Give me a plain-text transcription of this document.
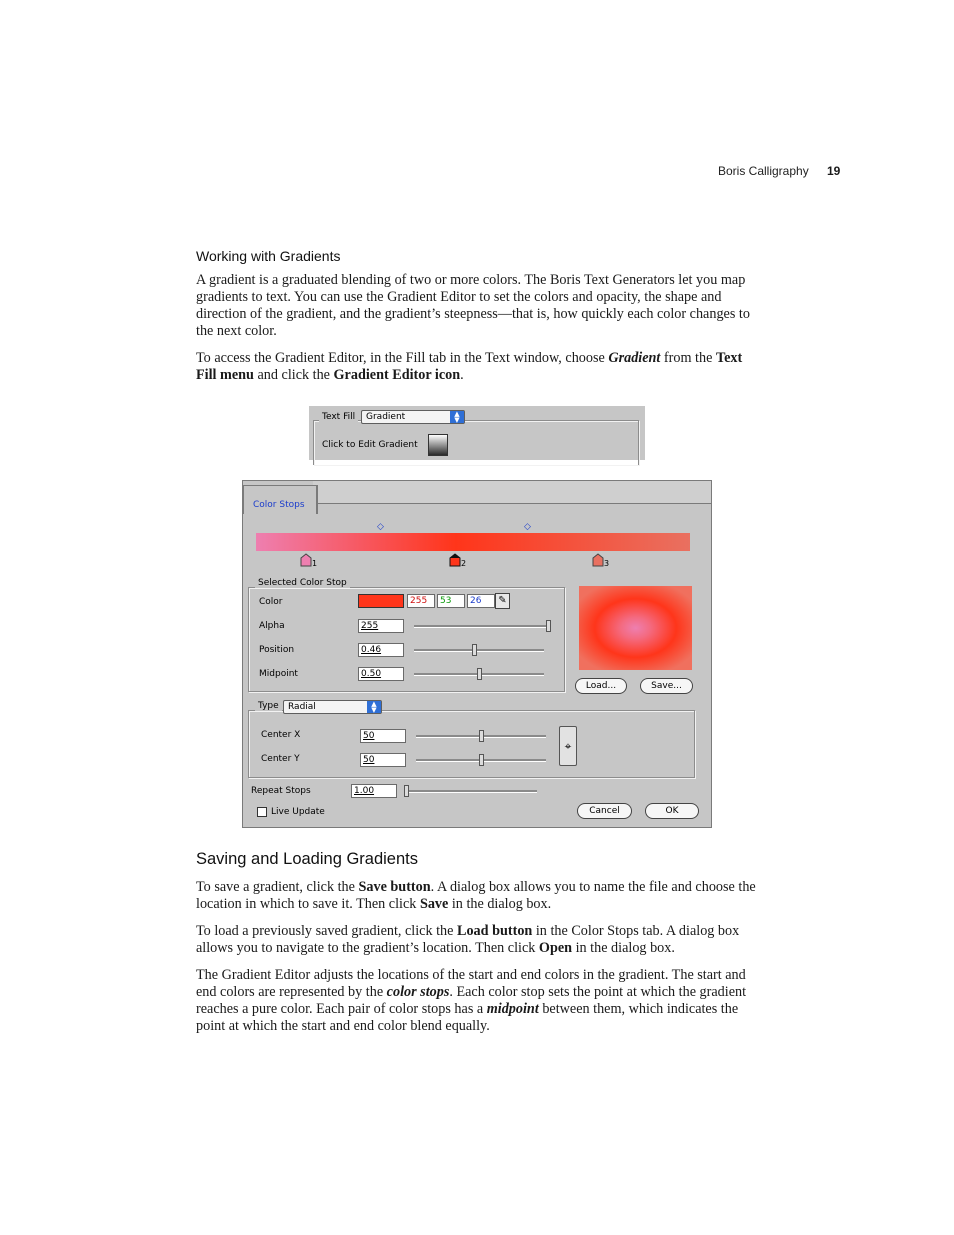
Boris Calligraphy 19
Working with Gradients
A gradient is a graduated blending of two or more colors. The Boris Text Generators let you map gradients to text. You can use the Gradient Editor to set the colors and opacity, the shape and direction of the gradient, and the gradient’s steepness—that is, how quickly each color changes to the next color.
To access the Gradient Editor, in the Fill tab in the Text window, choose Gradient from the Text Fill menu and click the Gradient Editor icon.
Text Fill	Gradient	▲
▼
Click to Edit Gradient
Color Stops
◇	◇
1	2	3
Selected Color Stop
Color	255	53	26	✎
Alpha	255
Position	0.46
Midpoint	0.50
Load...	Save...
Type	Radial	▲
▼
Center X	50
Center Y	50
⌖
Repeat Stops	1.00
Live Update	Cancel	OK
Saving and Loading Gradients
To save a gradient, click the Save button. A dialog box allows you to name the file and choose the location in which to save it. Then click Save in the dialog box.
To load a previously saved gradient, click the Load button in the Color Stops tab. A dialog box allows you to navigate to the gradient’s location. Then click Open in the dialog box.
The Gradient Editor adjusts the locations of the start and end colors in the gradient. The start and end colors are represented by the color stops. Each color stop sets the point at which the gradient reaches a pure color. Each pair of color stops has a midpoint between them, which indicates the point at which the start and end color blend equally.
